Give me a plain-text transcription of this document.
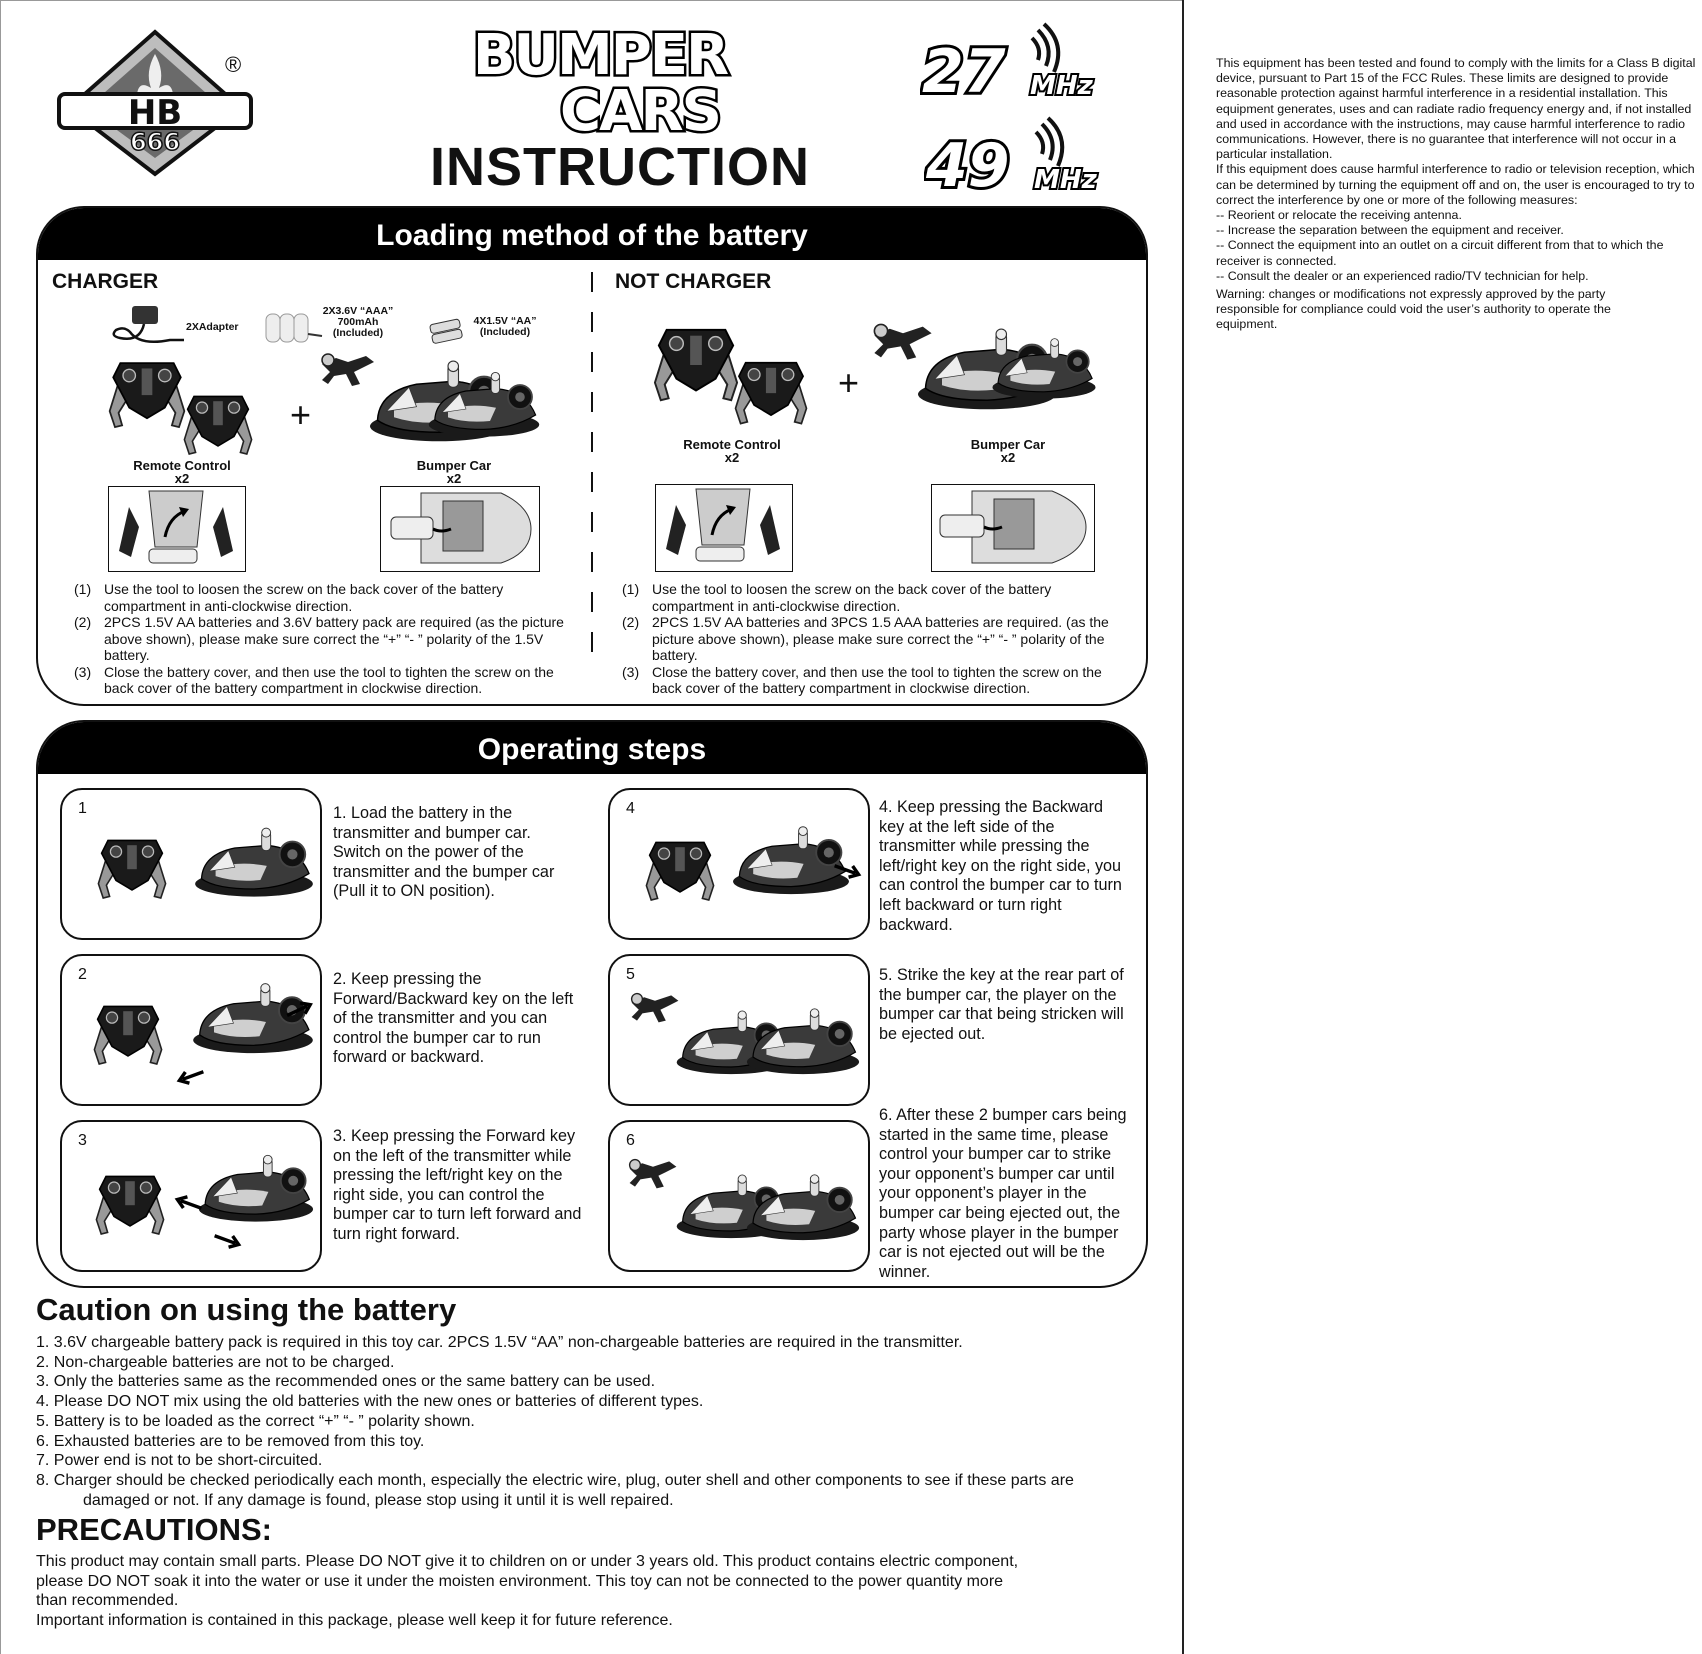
HB
666
®	BUMPER
CARS
INSTRUCTION
27 MHz
49 MHz

This equipment has been tested and found to comply with the limits for a Class B digital device, pursuant to Part 15 of the FCC Rules. These limits are designed to provide reasonable protection against harmful interference in a residential installation. This equipment generates, uses and can radiate radio frequency energy and, if not installed and used in accordance with the instructions, may cause harmful interference to radio communications. However, there is no guarantee that interference will not occur in a particular installation.

If this equipment does cause harmful interference to radio or television reception, which can be determined by turning the equipment off and on, the user is encouraged to try to correct the interference by one or more of the following measures:

-- Reorient or relocate the receiving antenna.

-- Increase the separation between the equipment and receiver.

-- Connect the equipment into an outlet on a circuit different from that to which the receiver is connected.

-- Consult the dealer or an experienced radio/TV technician for help.

Warning: changes or modifications not expressly approved by the party responsible for compliance could void the user’s authority to operate the equipment.

Loading method of the battery
CHARGER
2XAdapter
2X3.6V “AAA”
700mAh
(Included)
4X1.5V “AA”
(Included)
+
Remote Control
x2
Bumper Car
x2
(1) Use the tool to loosen the screw on the back cover of the battery compartment in anti-clockwise direction.
(2) 2PCS 1.5V AA batteries and 3.6V battery pack are required (as the picture above shown), please make sure correct the “+” “- ” polarity of the 1.5V battery.
(3) Close the battery cover, and then use the tool to tighten the screw on the back cover of the battery compartment in clockwise direction.
NOT CHARGER
+
Remote Control
x2
Bumper Car
x2
(1) Use the tool to loosen the screw on the back cover of the battery compartment in anti-clockwise direction.
(2) 2PCS 1.5V AA batteries and 3PCS 1.5 AAA batteries are required. (as the picture above shown), please make sure correct the “+” “- ” polarity of the battery.
(3) Close the battery cover, and then use the tool to tighten the screw on the back cover of the battery compartment in clockwise direction.
Operating steps
1	1. Load the battery in the transmitter and bumper car. Switch on the power of the transmitter and the bumper car (Pull it to ON position).
2	2. Keep pressing the Forward/Backward key on the left of the transmitter and you can control the bumper car to run forward or backward.
3	3. Keep pressing the Forward key on the left of the transmitter while pressing the left/right key on the right side, you can control the bumper car to turn left forward and turn right forward.
4	4. Keep pressing the Backward key at the left side of the transmitter while pressing the left/right key on the right side, you can control the bumper car to turn left backward or turn right backward.
5	5. Strike the key at the rear part of the bumper car, the player on the bumper car that being stricken will be ejected out.
6
6. After these 2 bumper cars being started in the same time, please control your bumper car to strike your opponent’s bumper car until your opponent’s player in the bumper car being ejected out, the party whose player in the bumper car is not ejected out will be the winner.
Caution on using the battery
1. 3.6V chargeable battery pack is required in this toy car. 2PCS 1.5V “AA” non-chargeable batteries are required in the transmitter.
2. Non-chargeable batteries are not to be charged.
3. Only the batteries same as the recommended ones or the same battery can be used.
4. Please DO NOT mix using the old batteries with the new ones or batteries of different types.
5. Battery is to be loaded as the correct “+” “- ” polarity shown.
6. Exhausted batteries are to be removed from this toy.
7. Power end is not to be short-circuited.
8. Charger should be checked periodically each month, especially the electric wire, plug, outer shell and other components to see if these parts are
damaged or not. If any damage is found, please stop using it until it is well repaired.
PRECAUTIONS:

This product may contain small parts. Please DO NOT give it to children on or under 3 years old. This product contains electric component,

please DO NOT soak it into the water or use it under the moisten environment. This toy can not be connected to the power quantity more

than recommended.

Important information is contained in this package, please well keep it for future reference.
